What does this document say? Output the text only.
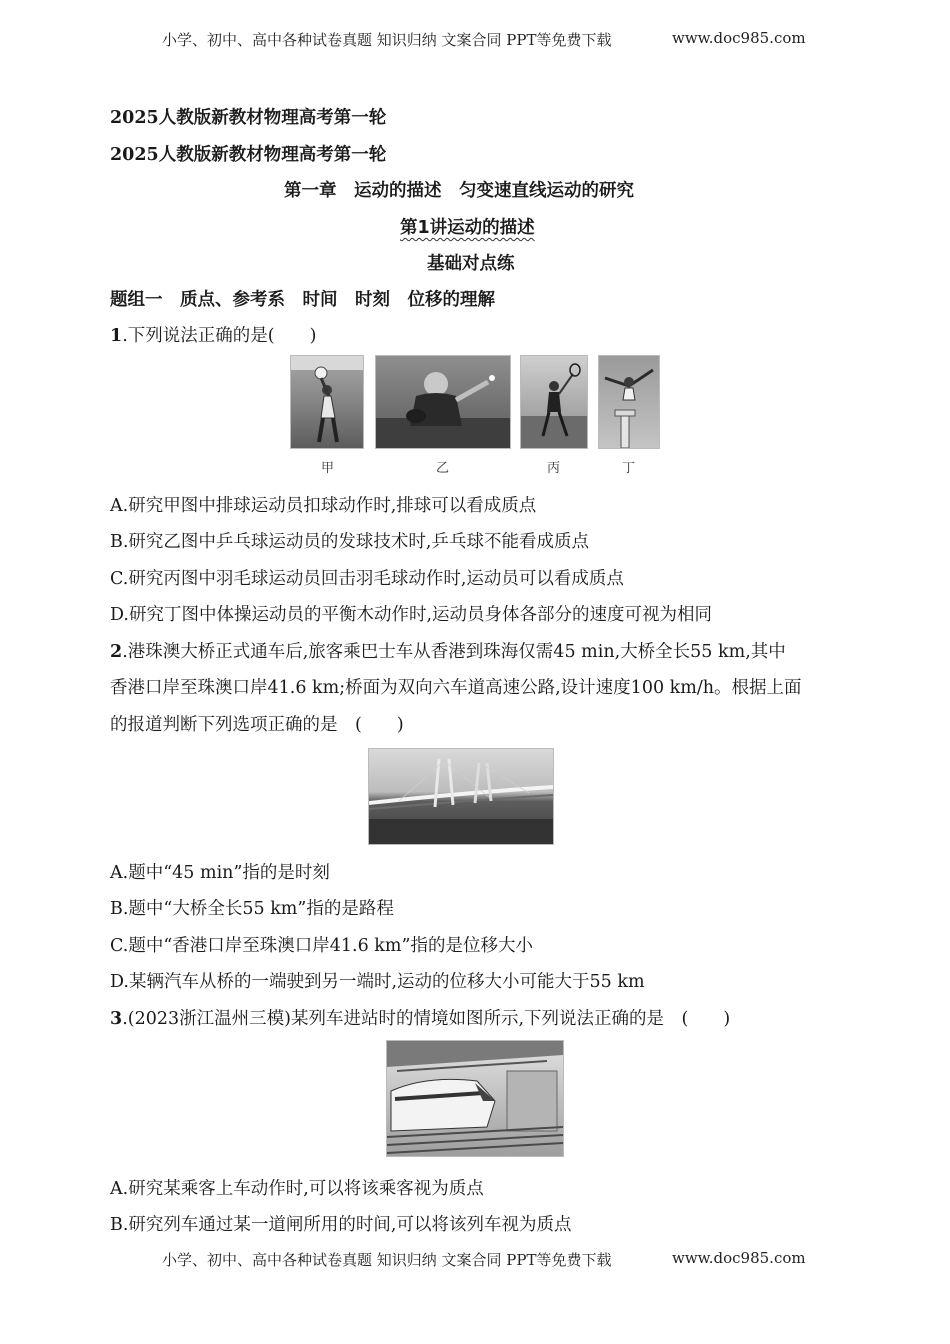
小学、初中、高中各种试卷真题 知识归纳 文案合同 PPT等免费下载	www.doc985.com
2025人教版新教材物理高考第一轮
2025人教版新教材物理高考第一轮
第一章　运动的描述　匀变速直线运动的研究
第1讲运动的描述
基础对点练
题组一　质点、参考系　时间　时刻　位移的理解
1.下列说法正确的是(　　)
甲	乙	丙	丁
A.研究甲图中排球运动员扣球动作时,排球可以看成质点
B.研究乙图中乒乓球运动员的发球技术时,乒乓球不能看成质点
C.研究丙图中羽毛球运动员回击羽毛球动作时,运动员可以看成质点
D.研究丁图中体操运动员的平衡木动作时,运动员身体各部分的速度可视为相同
2.港珠澳大桥正式通车后,旅客乘巴士车从香港到珠海仅需45 min,大桥全长55 km,其中
香港口岸至珠澳口岸41.6 km;桥面为双向六车道高速公路,设计速度100 km/h。根据上面
的报道判断下列选项正确的是　(　　)
A.题中“45 min”指的是时刻
B.题中“大桥全长55 km”指的是路程
C.题中“香港口岸至珠澳口岸41.6 km”指的是位移大小
D.某辆汽车从桥的一端驶到另一端时,运动的位移大小可能大于55 km
3.(2023浙江温州三模)某列车进站时的情境如图所示,下列说法正确的是　(　　)
A.研究某乘客上车动作时,可以将该乘客视为质点
B.研究列车通过某一道闸所用的时间,可以将该列车视为质点
小学、初中、高中各种试卷真题 知识归纳 文案合同 PPT等免费下载	www.doc985.com
